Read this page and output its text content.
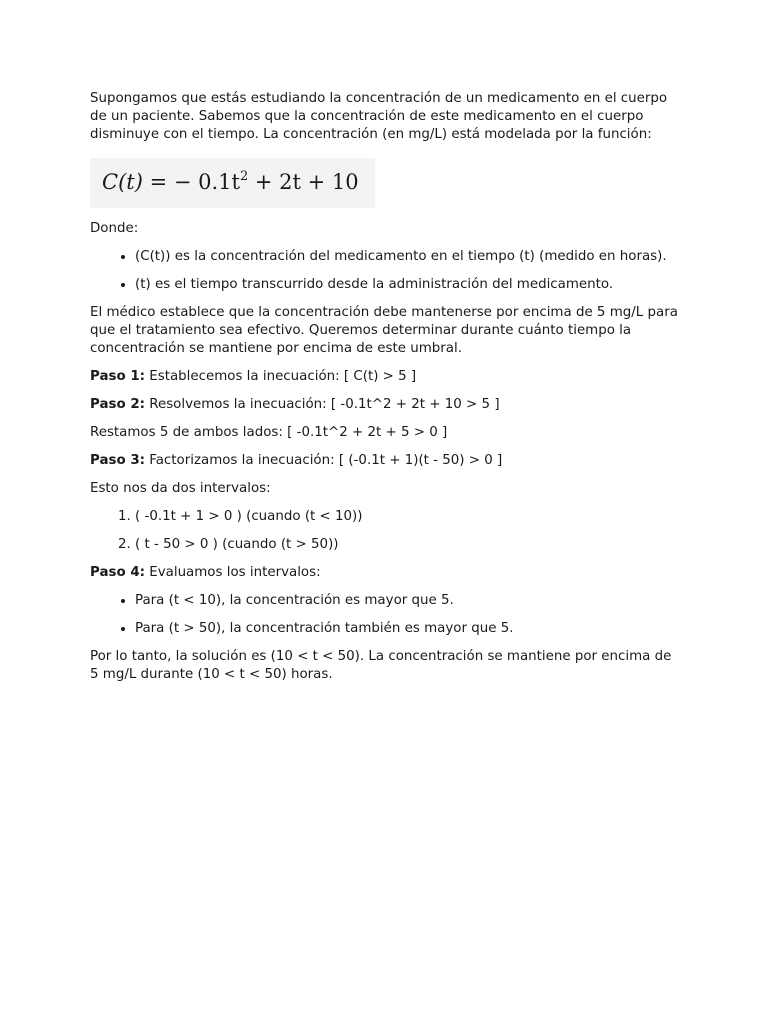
Supongamos que estás estudiando la concentración de un medicamento en el cuerpo de un paciente. Sabemos que la concentración de este medicamento en el cuerpo disminuye con el tiempo. La concentración (en mg/L) está modelada por la función:

C(t) = − $0.1t^2 + 2t + 10$

Donde:

• (C(t)) es la concentración del medicamento en el tiempo (t) (medido en horas).
• (t) es el tiempo transcurrido desde la administración del medicamento.

El médico establece que la concentración debe mantenerse por encima de 5 mg/L para que el tratamiento sea efectivo. Queremos determinar durante cuánto tiempo la concentración se mantiene por encima de este umbral.

Paso 1: Establecemos la inecuación: [ C(t) > 5 ]

Paso 2: Resolvemos la inecuación: [ -0.1t^2 + 2t + 10 > 5 ]

Restamos 5 de ambos lados: [ -0.1t^2 + 2t + 5 > 0 ]

Paso 3: Factorizamos la inecuación: [ (-0.1t + 1)(t - 50) > 0 ]

Esto nos da dos intervalos:

1. ( -0.1t + 1 > 0 ) (cuando (t < 10))
2. ( t - 50 > 0 ) (cuando (t > 50))

Paso 4: Evaluamos los intervalos:

• Para (t < 10), la concentración es mayor que 5.
• Para (t > 50), la concentración también es mayor que 5.

Por lo tanto, la solución es (10 < t < 50). La concentración se mantiene por encima de 5 mg/L durante (10 < t < 50) horas.
